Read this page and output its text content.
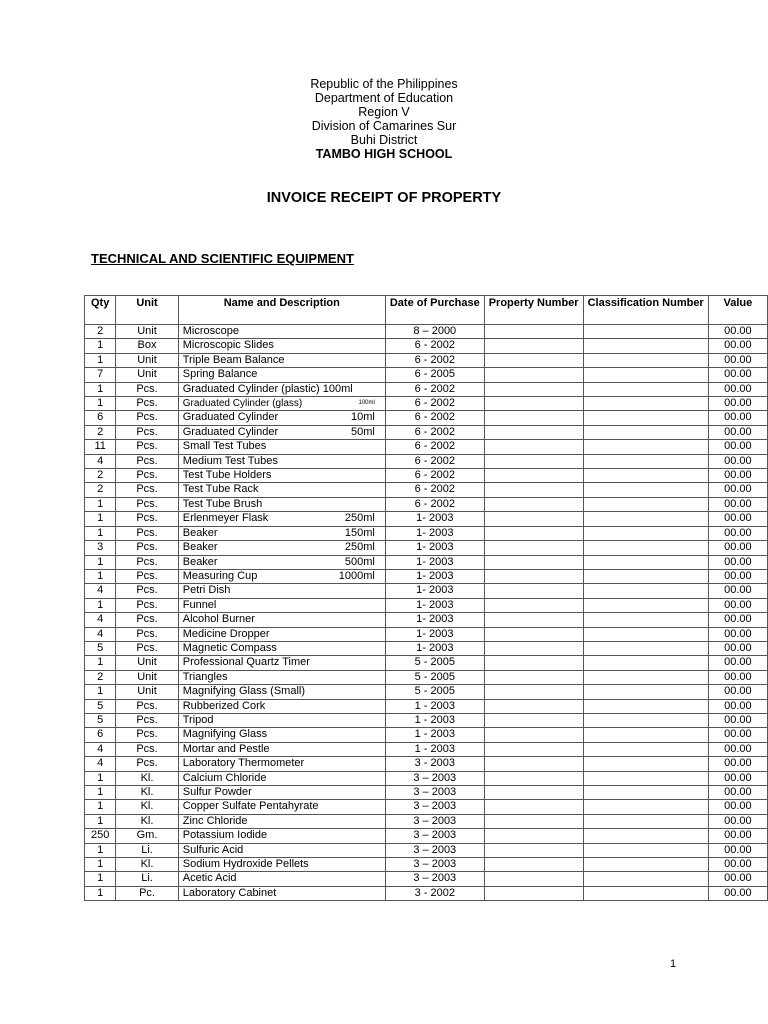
Republic of the Philippines
Department of Education
Region V
Division of Camarines Sur
Buhi District
TAMBO HIGH SCHOOL
INVOICE RECEIPT OF PROPERTY
TECHNICAL AND SCIENTIFIC EQUIPMENT
Qty	Unit	Name and Description	Date of Purchase	Property Number	Classification Number	Value
2	Unit	Microscope	8 – 2000			00.00
1	Box	Microscopic Slides	6 - 2002			00.00
1	Unit	Triple Beam Balance	6 - 2002			00.00
7	Unit	Spring Balance	6 - 2005			00.00
1	Pcs.	Graduated Cylinder (plastic) 100ml	6 - 2002			00.00
1	Pcs.	Graduated Cylinder (glass) 100ml	6 - 2002			00.00
6	Pcs.	Graduated Cylinder 10ml	6 - 2002			00.00
2	Pcs.	Graduated Cylinder 50ml	6 - 2002			00.00
11	Pcs.	Small Test Tubes	6 - 2002			00.00
4	Pcs.	Medium Test Tubes	6 - 2002			00.00
2	Pcs.	Test Tube Holders	6 - 2002			00.00
2	Pcs.	Test Tube Rack	6 - 2002			00.00
1	Pcs.	Test Tube Brush	6 - 2002			00.00
1	Pcs.	Erlenmeyer Flask 250ml	1- 2003			00.00
1	Pcs.	Beaker 150ml	1- 2003			00.00
3	Pcs.	Beaker 250ml	1- 2003			00.00
1	Pcs.	Beaker 500ml	1- 2003			00.00
1	Pcs.	Measuring Cup 1000ml	1- 2003			00.00
4	Pcs.	Petri Dish	1- 2003			00.00
1	Pcs.	Funnel	1- 2003			00.00
4	Pcs.	Alcohol Burner	1- 2003			00.00
4	Pcs.	Medicine Dropper	1- 2003			00.00
5	Pcs.	Magnetic Compass	1- 2003			00.00
1	Unit	Professional Quartz Timer	5 - 2005			00.00
2	Unit	Triangles	5 - 2005			00.00
1	Unit	Magnifying Glass (Small)	5 - 2005			00.00
5	Pcs.	Rubberized Cork	1 - 2003			00.00
5	Pcs.	Tripod	1 - 2003			00.00
6	Pcs.	Magnifying Glass	1 - 2003			00.00
4	Pcs.	Mortar and Pestle	1 - 2003			00.00
4	Pcs.	Laboratory Thermometer	3 - 2003			00.00
1	Kl.	Calcium Chloride	3 – 2003			00.00
1	Kl.	Sulfur Powder	3 – 2003			00.00
1	Kl.	Copper Sulfate Pentahyrate	3 – 2003			00.00
1	Kl.	Zinc Chloride	3 – 2003			00.00
250	Gm.	Potassium Iodide	3 – 2003			00.00
1	Li.	Sulfuric Acid	3 – 2003			00.00
1	Kl.	Sodium Hydroxide Pellets	3 – 2003			00.00
1	Li.	Acetic Acid	3 – 2003			00.00
1	Pc.	Laboratory Cabinet	3 - 2002			00.00
1
